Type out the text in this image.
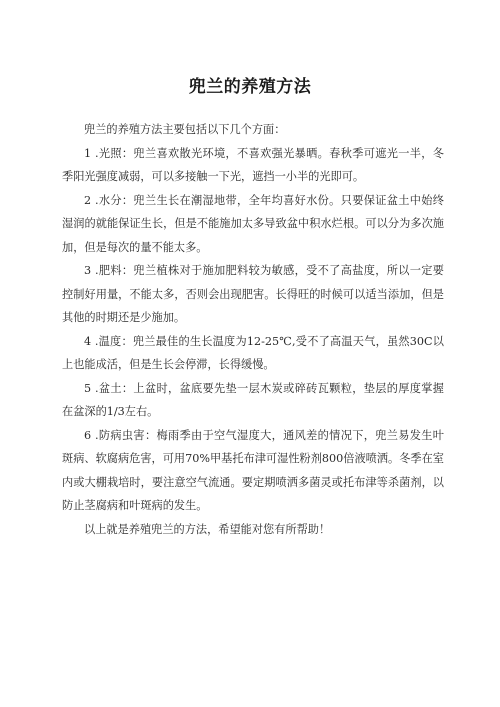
兜兰的养殖方法

兜兰的养殖方法主要包括以下几个方面：

1 .光照：兜兰喜欢散光环境，不喜欢强光暴晒。春秋季可遮光一半，冬季阳光强度减弱，可以多接触一下光，遮挡一小半的光即可。

2 .水分：兜兰生长在潮湿地带，全年均喜好水份。只要保证盆土中始终湿润的就能保证生长，但是不能施加太多导致盆中积水烂根。可以分为多次施加，但是每次的量不能太多。

3 .肥料：兜兰植株对于施加肥料较为敏感，受不了高盐度，所以一定要控制好用量，不能太多，否则会出现肥害。长得旺的时候可以适当添加，但是其他的时期还是少施加。

4 .温度：兜兰最佳的生长温度为12-25℃,受不了高温天气，虽然30C以上也能成活，但是生长会停滞，长得缓慢。

5 .盆土：上盆时，盆底要先垫一层木炭或碎砖瓦颗粒，垫层的厚度掌握在盆深的1/3左右。

6 .防病虫害：梅雨季由于空气湿度大，通风差的情况下，兜兰易发生叶斑病、软腐病危害，可用70%甲基托布津可湿性粉剂800倍液喷洒。冬季在室内或大棚栽培时，要注意空气流通。要定期喷洒多菌灵或托布津等杀菌剂，以防止茎腐病和叶斑病的发生。

以上就是养殖兜兰的方法，希望能对您有所帮助！
